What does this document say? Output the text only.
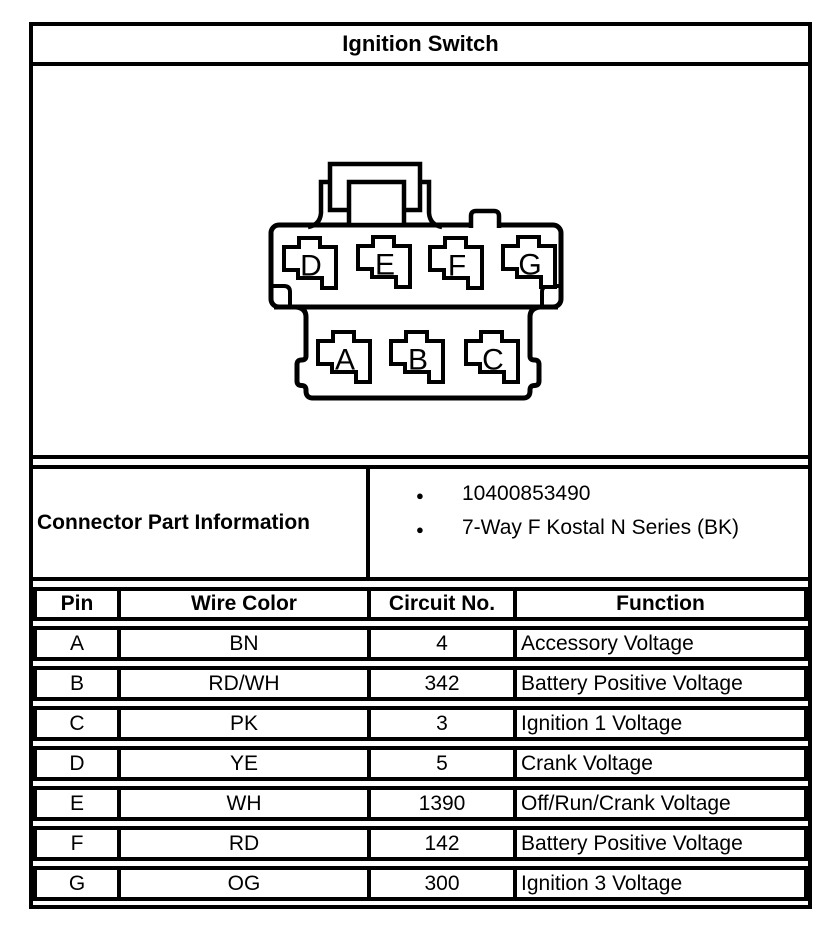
Ignition Switch
D E F G
A B C
Connector Part Information
●	10400853490
●	7-Way F Kostal N Series (BK)
Pin	Wire Color	Circuit No.	Function
A	BN	4	Accessory Voltage
B	RD/WH	342	Battery Positive Voltage
C	PK	3	Ignition 1 Voltage
D	YE	5	Crank Voltage
E	WH	1390	Off/Run/Crank Voltage
F	RD	142	Battery Positive Voltage
G	OG	300	Ignition 3 Voltage
